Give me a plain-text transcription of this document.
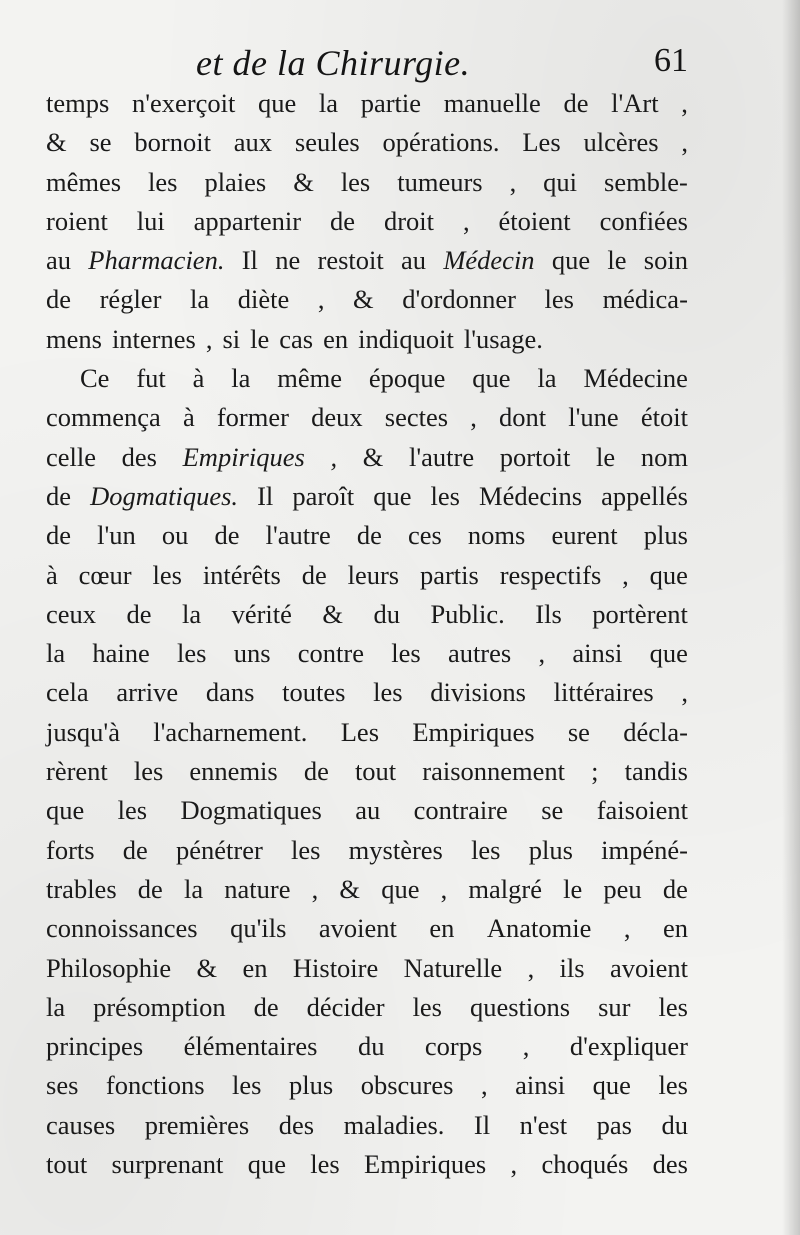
et de la Chirurgie.	61
temps n'exerçoit que la partie manuelle de l'Art ,
& se bornoit aux seules opérations. Les ulcères ,
mêmes les plaies & les tumeurs , qui semble-
roient lui appartenir de droit , étoient confiées
au Pharmacien. Il ne restoit au Médecin que le soin
de régler la diète , & d'ordonner les médica-
mens internes , si le cas en indiquoit l'usage.
Ce fut à la même époque que la Médecine
commença à former deux sectes , dont l'une étoit
celle des Empiriques , & l'autre portoit le nom
de Dogmatiques. Il paroît que les Médecins appellés
de l'un ou de l'autre de ces noms eurent plus
à cœur les intérêts de leurs partis respectifs , que
ceux de la vérité & du Public. Ils portèrent
la haine les uns contre les autres , ainsi que
cela arrive dans toutes les divisions littéraires ,
jusqu'à l'acharnement. Les Empiriques se décla-
rèrent les ennemis de tout raisonnement ; tandis
que les Dogmatiques au contraire se faisoient
forts de pénétrer les mystères les plus impéné-
trables de la nature , & que , malgré le peu de
connoissances qu'ils avoient en Anatomie , en
Philosophie & en Histoire Naturelle , ils avoient
la présomption de décider les questions sur les
principes élémentaires du corps , d'expliquer
ses fonctions les plus obscures , ainsi que les
causes premières des maladies. Il n'est pas du
tout surprenant que les Empiriques , choqués des
